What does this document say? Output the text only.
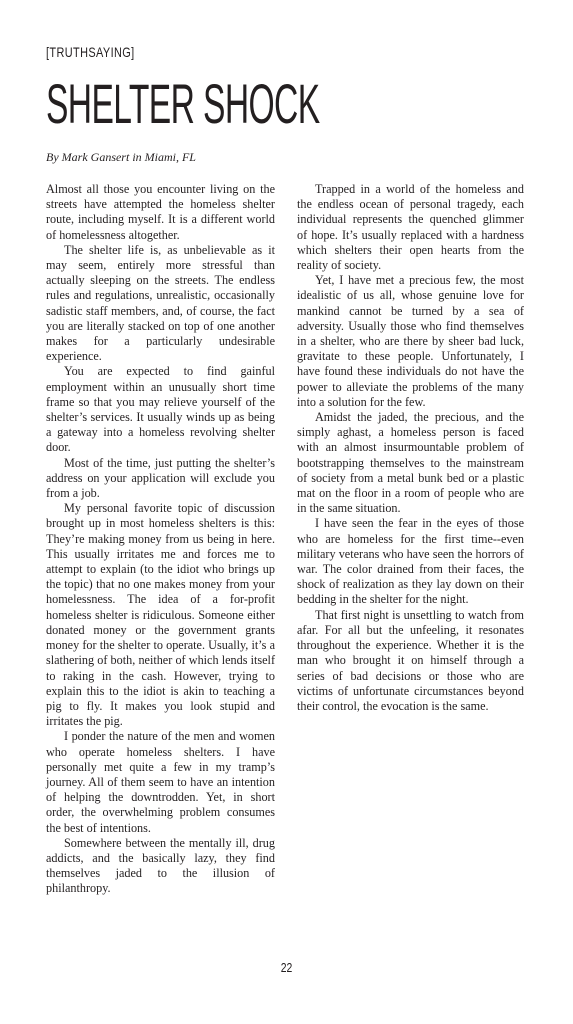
[TRUTHSAYING]
SHELTER SHOCK
By Mark Gansert in Miami, FL

Almost all those you encounter living on the streets have attempted the homeless shelter route, including myself. It is a different world of homelessness altogether.

The shelter life is, as unbelievable as it may seem, entirely more stressful than actually sleeping on the streets. The endless rules and regulations, unrealistic, occasionally sadistic staff members, and, of course, the fact you are literally stacked on top of one another makes for a particularly undesirable experience.

You are expected to find gainful employment within an unusually short time frame so that you may relieve yourself of the shelter’s services. It usually winds up as being a gateway into a homeless revolving shelter door.

Most of the time, just putting the shelter’s address on your application will exclude you from a job.

My personal favorite topic of discussion brought up in most homeless shelters is this: They’re making money from us being in here. This usually irritates me and forces me to attempt to explain (to the idiot who brings up the topic) that no one makes money from your homelessness. The idea of a for-profit homeless shelter is ridiculous. Someone either donated money or the government grants money for the shelter to operate. Usually, it’s a slathering of both, neither of which lends itself to raking in the cash. However, trying to explain this to the idiot is akin to teaching a pig to fly. It makes you look stupid and irritates the pig.

I ponder the nature of the men and women who operate homeless shelters. I have personally met quite a few in my tramp’s journey. All of them seem to have an intention of helping the downtrodden. Yet, in short order, the overwhelming problem consumes the best of intentions.

Somewhere between the mentally ill, drug addicts, and the basically lazy, they find themselves jaded to the illusion of philanthropy.

Trapped in a world of the homeless and the endless ocean of personal tragedy, each individual represents the quenched glimmer of hope. It’s usually replaced with a hardness which shelters their open hearts from the reality of society.

Yet, I have met a precious few, the most idealistic of us all, whose genuine love for mankind cannot be turned by a sea of adversity. Usually those who find themselves in a shelter, who are there by sheer bad luck, gravitate to these people. Unfortunately, I have found these individuals do not have the power to alleviate the problems of the many into a solution for the few.

Amidst the jaded, the precious, and the simply aghast, a homeless person is faced with an almost insurmountable problem of bootstrapping themselves to the mainstream of society from a metal bunk bed or a plastic mat on the floor in a room of people who are in the same situation.

I have seen the fear in the eyes of those who are homeless for the first time--even military veterans who have seen the horrors of war. The color drained from their faces, the shock of realization as they lay down on their bedding in the shelter for the night.

That first night is unsettling to watch from afar. For all but the unfeeling, it resonates throughout the experience. Whether it is the man who brought it on himself through a series of bad decisions or those who are victims of unfortunate circumstances beyond their control, the evocation is the same.

22
